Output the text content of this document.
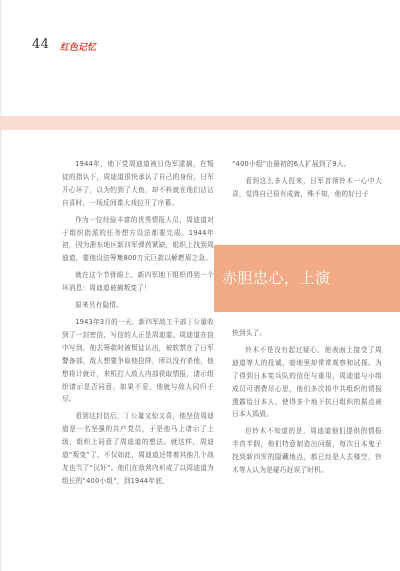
44 红色记忆

1944年，地下党周迪道被日伪军逮捕，在叛徒的指认下，周迪道很快承认了自己的身份，日军开心坏了，以为钓到了大鱼，却不料就在他们沾沾自喜时，一场反间谍大戏拉开了序幕。

作为一位经验丰富的优秀情报人员，周迪道对于组织指派的任务想方设法都要完成。1944年初，因为浙东地区新四军弹药紧缺，组织上找到周迪道，要他设法筹集800万元巨款以解燃眉之急。

就在这个节骨眼上，新四军地下组织得到一个坏消息：周迪道被捕叛变了！

原来另有隐情。

1943年3月的一天，新四军敌工干部丁公量收到了一封密信，写信的人正是周迪道。周迪道在信中写到，他去筹款时被叛徒认出，被软禁在了日军警备部，敌人想要争取他投降，所以没有杀他，他想将计就计，来机打入敌人内部获取情报，请示组织请示是否同意，如果不妥，他就与敌人同归于尽。

看到这封信后，丁公量又惊又喜，他坚信周迪道是一名坚强的共产党员，于是他马上请示了上级，组织上同意了周迪道的想法。就这样，周迪道“叛变”了。不仅如此，周迪道还带着其他几个战友也当了“汉奸”。他们在敌营内形成了以周迪道为组长的“400小组”，到1944年底，

“400小组”由最初的6人扩展到了9人。

看到这么多人投来，日军首领铃木一心中大喜，觉得自己很有成就，殊不知，他的好日子

赤胆忠心，上演

快到头了。

铃木不是没有起过疑心，他表面上接受了周迪道等人的投诚，暗地里却常常观察和试探。为了得到日本宪兵队的信任与重用，周迪道与小组成员可谓费尽心思，他们多次将中共组织的情报透露给日本人，使得多个地下抗日组织的据点被日本人捣毁。

但铃木不知道的是，周迪道他们提供的情报半真半假，他们特意制造出问题，每次日本鬼子找到新四军的隐藏地点，都已经是人去楼空，铃木等人认为是碰巧赶误了时机。
